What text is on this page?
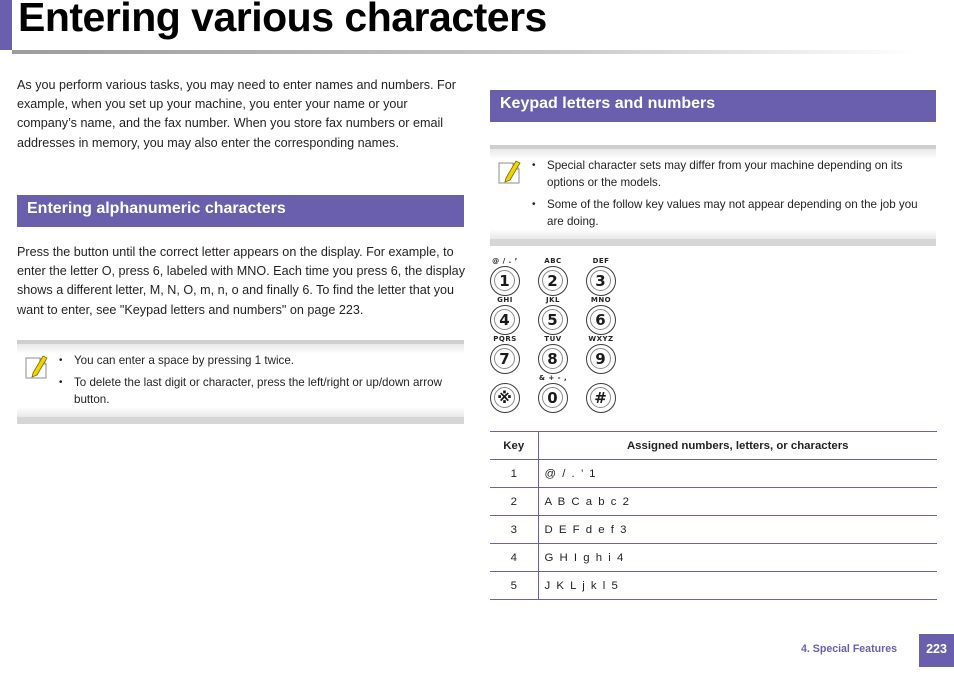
Entering various characters

As you perform various tasks, you may need to enter names and numbers. For example, when you set up your machine, you enter your name or your company’s name, and the fax number. When you store fax numbers or email addresses in memory, you may also enter the corresponding names.

Entering alphanumeric characters

Press the button until the correct letter appears on the display. For example, to enter the letter O, press 6, labeled with MNO. Each time you press 6, the display shows a different letter, M, N, O, m, n, o and finally 6. To find the letter that you want to enter, see "Keypad letters and numbers" on page 223.

• You can enter a space by pressing 1 twice.
• To delete the last digit or character, press the left/right or up/down arrow button.
Keypad letters and numbers
• Special character sets may differ from your machine depending on its options or the models.
• Some of the follow key values may not appear depending on the job you are doing.
@ / . ’
1
ABC
2
DEF
3
GHI
4
JKL
5
MNO
6
PQRS
7
TUV
8
WXYZ
9
※
& + - ,
0	#
Key	Assigned numbers, letters, or characters
1	@ / . ’ 1
2	A B C a b c 2
3	D E F d e f 3
4	G H I g h i 4
5	J K L j k l 5
4. Special Features	223
